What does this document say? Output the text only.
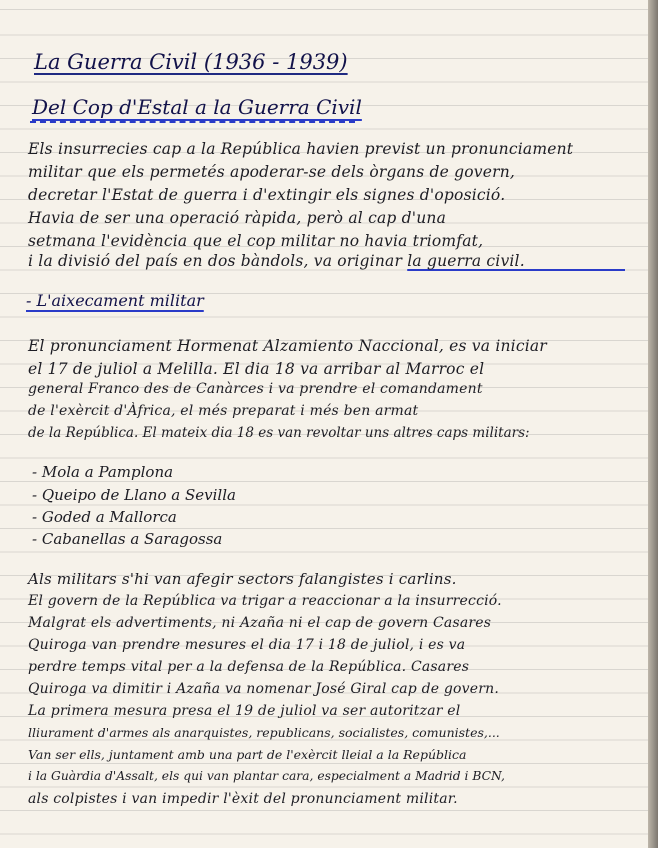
La Guerra Civil (1936 - 1939)
Del Cop d'Estal a la Guerra Civil
Els insurrecies cap a la República havien previst un pronunciament
militar que els permetés apoderar-se dels òrgans de govern,
decretar l'Estat de guerra i d'extingir els signes d'oposició.
Havia de ser una operació ràpida, però al cap d'una
setmana l'evidència que el cop militar no havia triomfat,
i la divisió del país en dos bàndols, va originar la guerra civil.
- L'aixecament militar
El pronunciament Hormenat Alzamiento Naccional, es va iniciar
el 17 de juliol a Melilla. El dia 18 va arribar al Marroc el
general Franco des de Canàrces i va prendre el comandament
de l'exèrcit d'Àfrica, el més preparat i més ben armat
de la República. El mateix dia 18 es van revoltar uns altres caps militars:
- Mola a Pamplona
- Queipo de Llano a Sevilla
- Goded a Mallorca
- Cabanellas a Saragossa
Als militars s'hi van afegir sectors falangistes i carlins.
El govern de la República va trigar a reaccionar a la insurrecció.
Malgrat els advertiments, ni Azaña ni el cap de govern Casares
Quiroga van prendre mesures el dia 17 i 18 de juliol, i es va
perdre temps vital per a la defensa de la República. Casares
Quiroga va dimitir i Azaña va nomenar José Giral cap de govern.
La primera mesura presa el 19 de juliol va ser autoritzar el
lliurament d'armes als anarquistes, republicans, socialistes, comunistes,...
Van ser ells, juntament amb una part de l'exèrcit lleial a la República
i la Guàrdia d'Assalt, els qui van plantar cara, especialment a Madrid i BCN,
als colpistes i van impedir l'èxit del pronunciament militar.
